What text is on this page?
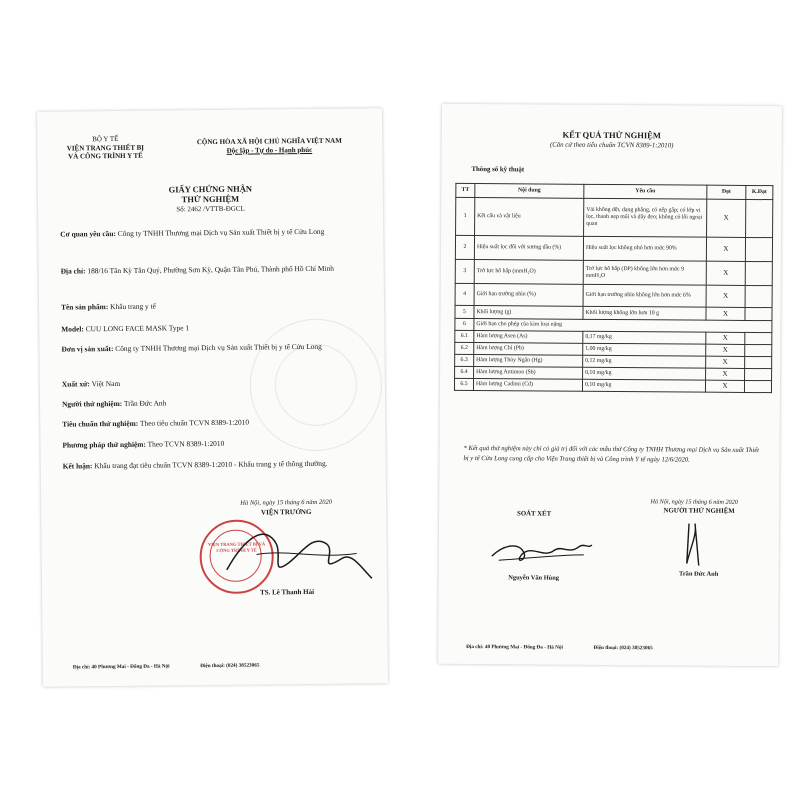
BỘ Y TẾ
VIỆN TRANG THIẾT BỊ
VÀ CÔNG TRÌNH Y TẾ
CỘNG HÒA XÃ HỘI CHỦ NGHĨA VIỆT NAM
Độc lập - Tự do - Hạnh phúc
GIẤY CHỨNG NHẬN
THỬ NGHIỆM
Số: 2462 /VTTB-ĐGCL
Cơ quan yêu cầu: Công ty TNHH Thương mại Dịch vụ Sản xuất Thiết bị y tế Cửu Long
Địa chỉ: 188/16 Tân Kỳ Tân Quý, Phường Sơn Kỳ, Quận Tân Phú, Thành phố Hồ Chí Minh
Tên sản phẩm: Khẩu trang y tế
Model: CUU LONG FACE MASK Type 1
Đơn vị sản xuất: Công ty TNHH Thương mại Dịch vụ Sản xuất Thiết bị y tế Cửu Long
Xuất xứ: Việt Nam
Người thử nghiệm: Trần Đức Anh
Tiêu chuẩn thử nghiệm: Theo tiêu chuẩn TCVN 8389-1:2010
Phương pháp thử nghiệm: Theo TCVN 8389-1:2010
Kết luận: Khẩu trang đạt tiêu chuẩn TCVN 8389-1:2010 - Khẩu trang y tế thông thường.
Hà Nội, ngày 15 tháng 6 năm 2020
VIỆN TRƯỞNG
VIỆN TRANG THIẾT BỊ VÀ CÔNG TRÌNH Y TẾ
TS. Lê Thanh Hải
Địa chỉ: 40 Phương Mai - Đống Đa - Hà Nội	Điện thoại: (024) 38523065
KẾT QUẢ THỬ NGHIỆM
(Căn cứ theo tiêu chuẩn TCVN 8389-1:2010)
Thông số kỹ thuật
TT	Nội dung	Yêu cầu	Đạt	K.Đạt
1	Kết cấu và vật liệu	Vải không dệt, dạng phẳng, có nếp gấp; có lớp vi lọc, thanh nẹp mũi và dây đeo; không có lỗi ngoại quan	X	
2	Hiệu suất lọc đối với sương dầu (%)	Hiệu suất lọc không nhỏ hơn mức 90%	X	
3	Trở lực hô hấp (mmH₂O)	Trở lực hô hấp (DP) không lớn hơn mức 9 mmH₂O	X	
4	Giới hạn trường nhìn (%)	Giới hạn trường nhìn không lớn hơn mức 6%	X	
5	Khối lượng (g)	Khối lượng không lớn hơn 10 g	X	
6	Giới hạn cho phép của kim loại nặng			
6.1	Hàm lượng Asen (As)	0,17 mg/kg	X	
6.2	Hàm lượng Chì (Pb)	1,00 mg/kg	X	
6.3	Hàm lượng Thủy Ngân (Hg)	0,12 mg/kg	X	
6.4	Hàm lượng Antimon (Sb)	0,10 mg/kg	X	
6.5	Hàm lượng Cadimi (Cd)	0,10 mg/kg	X	
* Kết quả thử nghiệm này chỉ có giá trị đối với các mẫu thử Công ty TNHH Thương mại Dịch vụ Sản xuất Thiết bị y tế Cửu Long cung cấp cho Viện Trang thiết bị và Công trình Y tế ngày 12/6/2020.
Hà Nội, ngày 15 tháng 6 năm 2020
SOÁT XÉT	NGƯỜI THỬ NGHIỆM
Nguyễn Văn Hùng
Trần Đức Anh
Địa chỉ: 40 Phương Mai - Đống Đa - Hà Nội	Điện thoại: (024) 38523065
